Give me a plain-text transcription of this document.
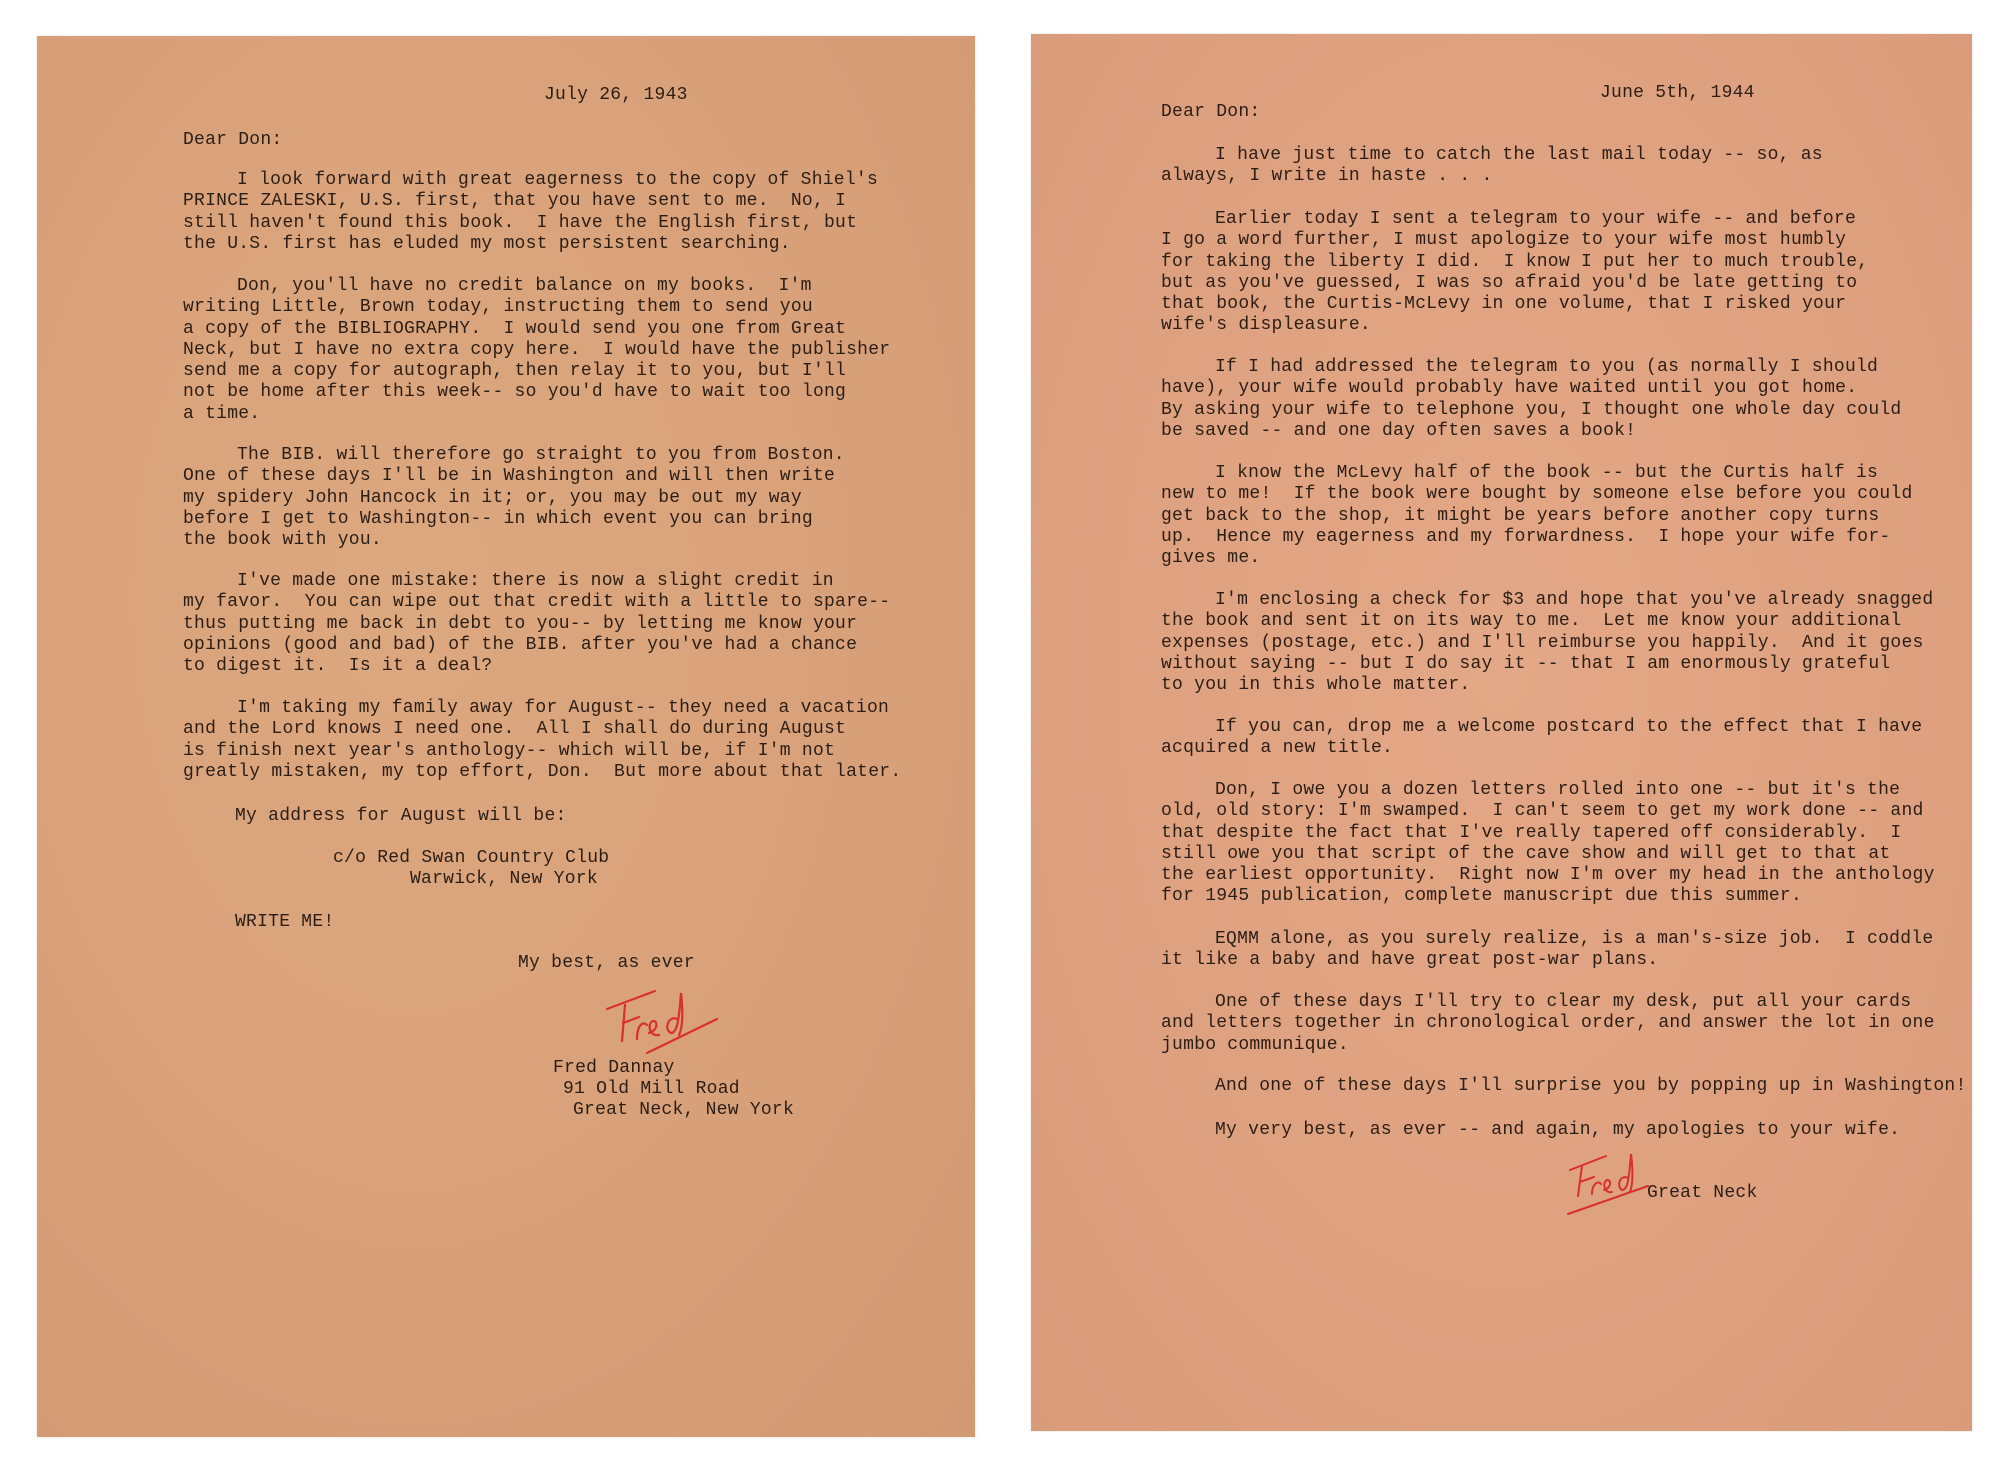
July 26, 1943
Dear Don:
I look forward with great eagerness to the copy of Shiel's
PRINCE ZALESKI, U.S. first, that you have sent to me.  No, I
still haven't found this book.  I have the English first, but
the U.S. first has eluded my most persistent searching.
Don, you'll have no credit balance on my books.  I'm
writing Little, Brown today, instructing them to send you
a copy of the BIBLIOGRAPHY.  I would send you one from Great
Neck, but I have no extra copy here.  I would have the publisher
send me a copy for autograph, then relay it to you, but I'll
not be home after this week-- so you'd have to wait too long
a time.
The BIB. will therefore go straight to you from Boston.
One of these days I'll be in Washington and will then write
my spidery John Hancock in it; or, you may be out my way
before I get to Washington-- in which event you can bring
the book with you.
I've made one mistake: there is now a slight credit in
my favor.  You can wipe out that credit with a little to spare--
thus putting me back in debt to you-- by letting me know your
opinions (good and bad) of the BIB. after you've had a chance
to digest it.  Is it a deal?
I'm taking my family away for August-- they need a vacation
and the Lord knows I need one.  All I shall do during August
is finish next year's anthology-- which will be, if I'm not
greatly mistaken, my top effort, Don.  But more about that later.
My address for August will be:
c/o Red Swan Country Club
Warwick, New York
WRITE ME!
My best, as ever
Fred Dannay
91 Old Mill Road
Great Neck, New York
June 5th, 1944
Dear Don:
I have just time to catch the last mail today -- so, as
always, I write in haste . . .
Earlier today I sent a telegram to your wife -- and before
I go a word further, I must apologize to your wife most humbly
for taking the liberty I did.  I know I put her to much trouble,
but as you've guessed, I was so afraid you'd be late getting to
that book, the Curtis-McLevy in one volume, that I risked your
wife's displeasure.
If I had addressed the telegram to you (as normally I should
have), your wife would probably have waited until you got home.
By asking your wife to telephone you, I thought one whole day could
be saved -- and one day often saves a book!
I know the McLevy half of the book -- but the Curtis half is
new to me!  If the book were bought by someone else before you could
get back to the shop, it might be years before another copy turns
up.  Hence my eagerness and my forwardness.  I hope your wife for-
gives me.
I'm enclosing a check for $3 and hope that you've already snagged
the book and sent it on its way to me.  Let me know your additional
expenses (postage, etc.) and I'll reimburse you happily.  And it goes
without saying -- but I do say it -- that I am enormously grateful
to you in this whole matter.
If you can, drop me a welcome postcard to the effect that I have
acquired a new title.
Don, I owe you a dozen letters rolled into one -- but it's the
old, old story: I'm swamped.  I can't seem to get my work done -- and
that despite the fact that I've really tapered off considerably.  I
still owe you that script of the cave show and will get to that at
the earliest opportunity.  Right now I'm over my head in the anthology
for 1945 publication, complete manuscript due this summer.
EQMM alone, as you surely realize, is a man's-size job.  I coddle
it like a baby and have great post-war plans.
One of these days I'll try to clear my desk, put all your cards
and letters together in chronological order, and answer the lot in one
jumbo communique.
And one of these days I'll surprise you by popping up in Washington!
My very best, as ever -- and again, my apologies to your wife.
Great Neck
